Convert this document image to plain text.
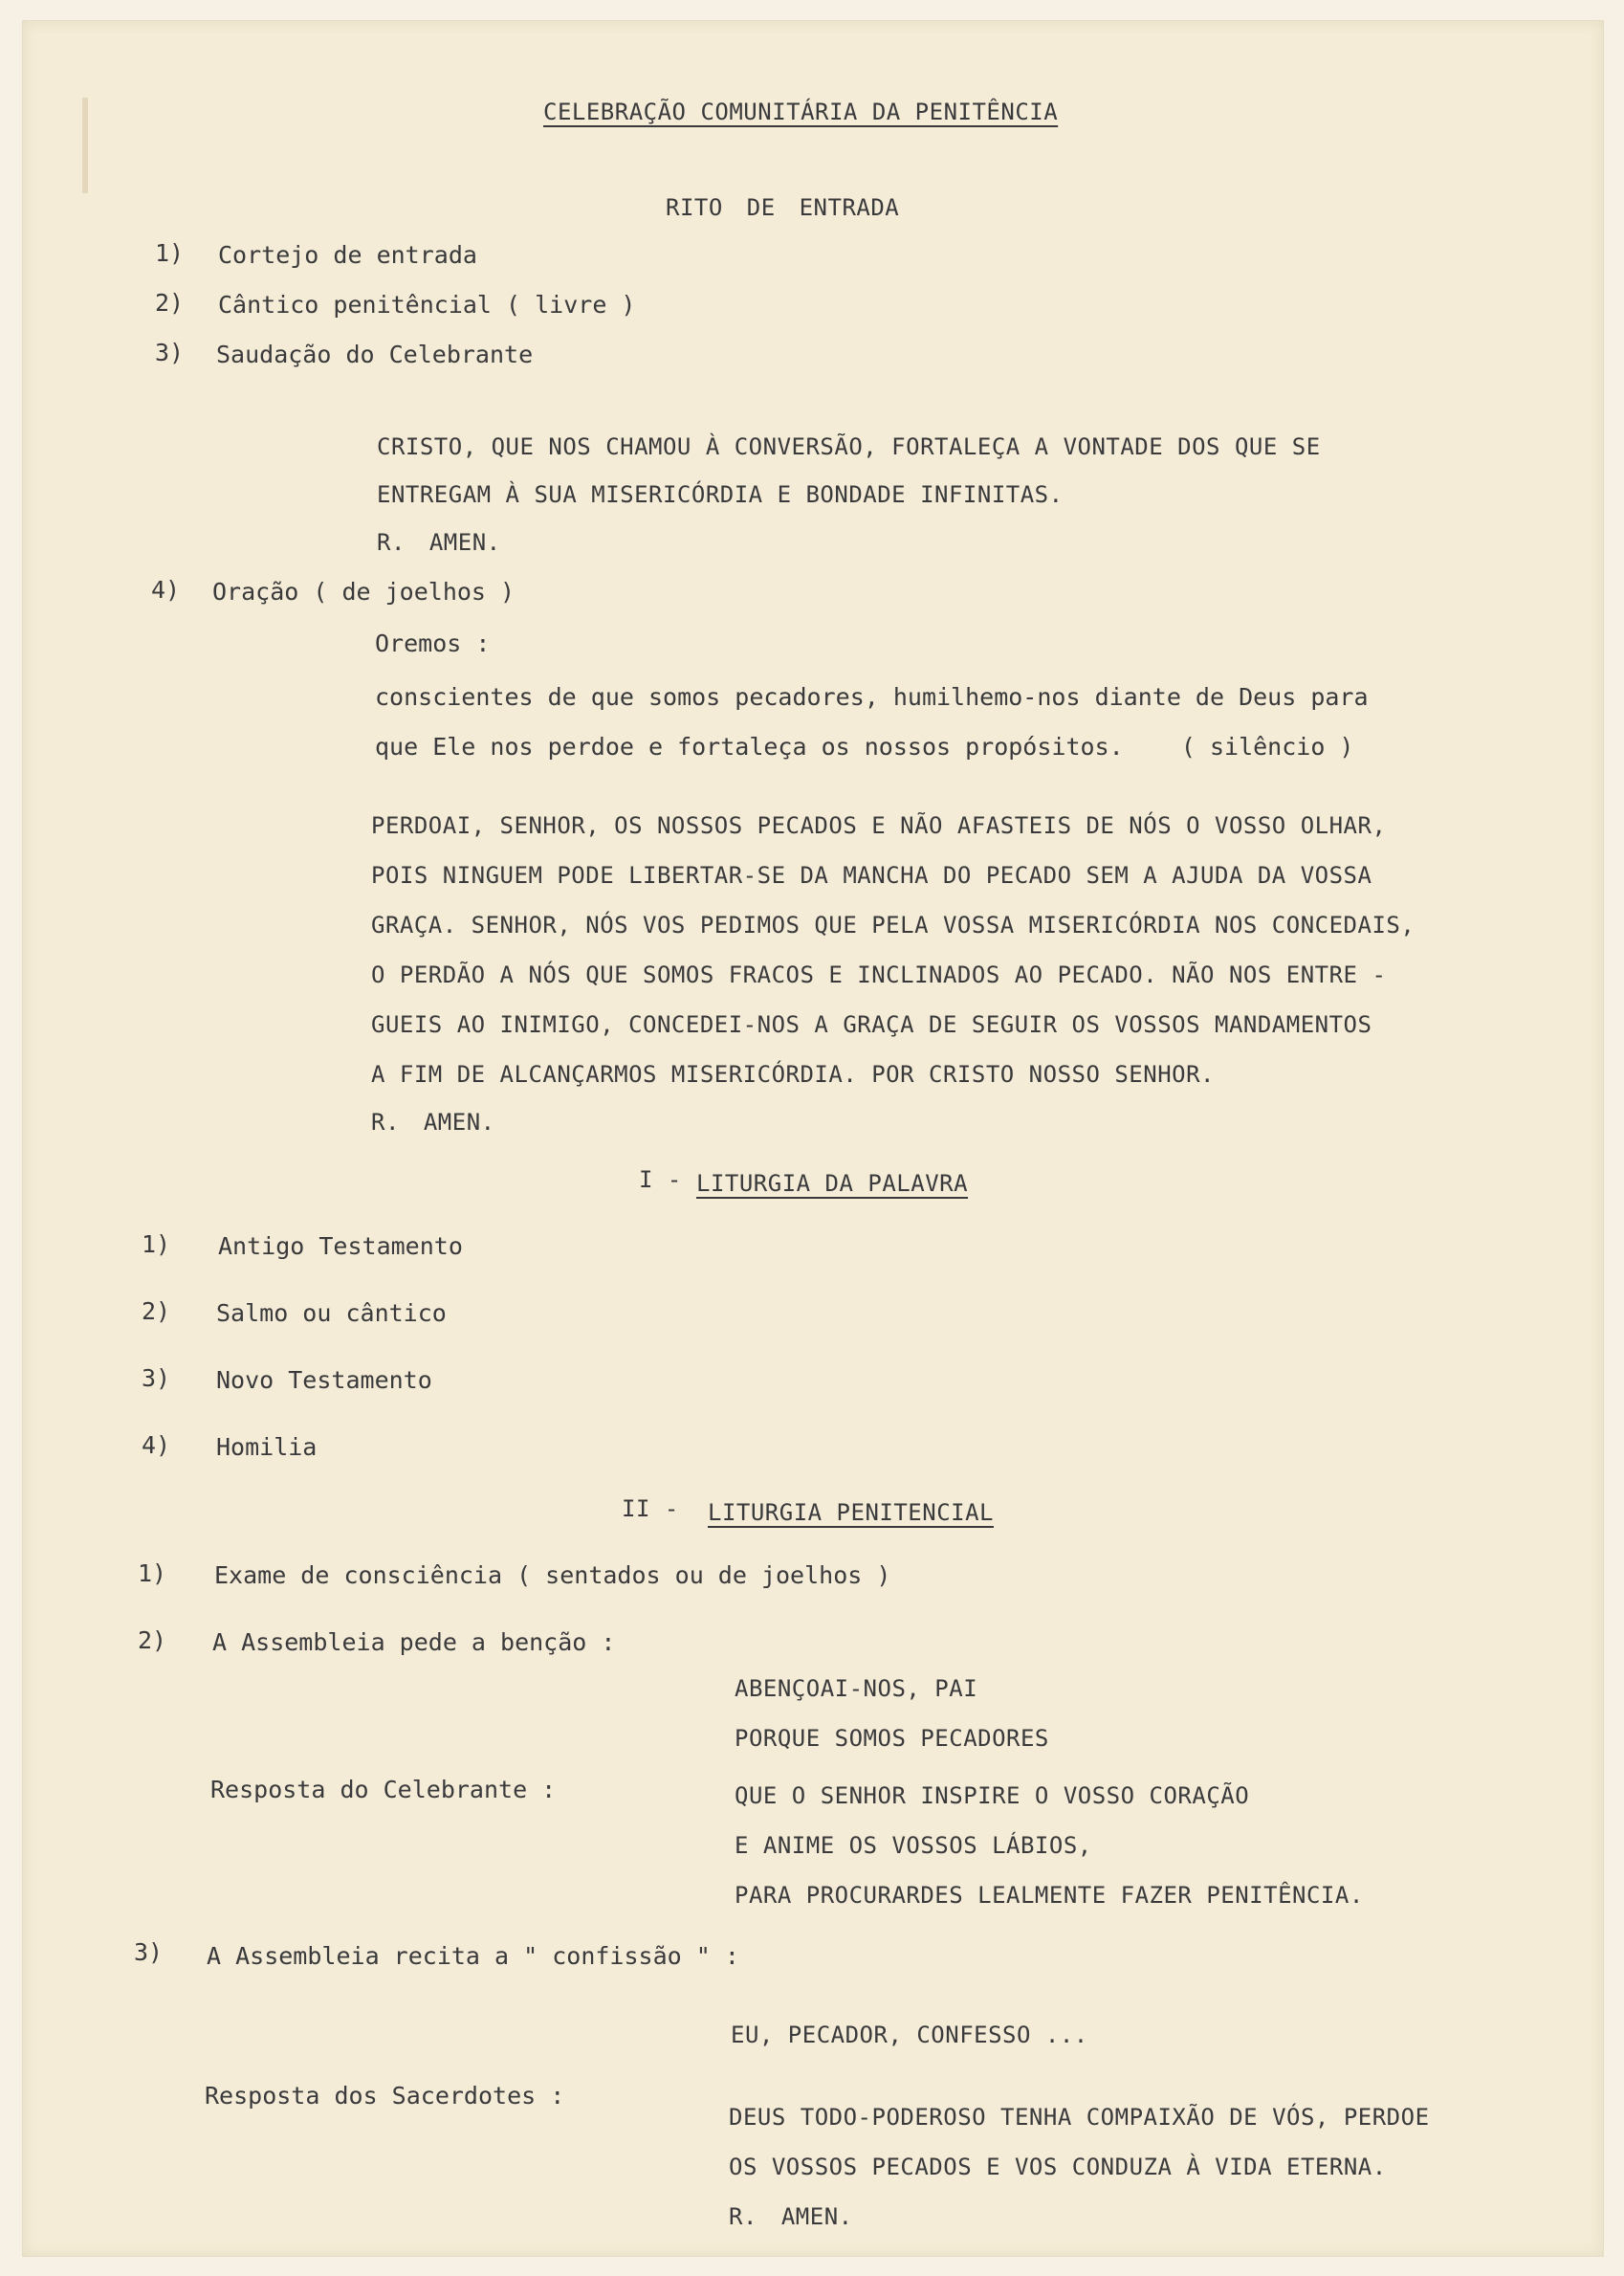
CELEBRAÇÃO COMUNITÁRIA DA PENITÊNCIA
RITO DE ENTRADA
1) Cortejo de entrada
2) Cântico penitêncial ( livre )
3) Saudação do Celebrante
CRISTO, QUE NOS CHAMOU À CONVERSÃO, FORTALEÇA A VONTADE DOS QUE SE
ENTREGAM À SUA MISERICÓRDIA E BONDADE INFINITAS.
R. AMEN.
4) Oração ( de joelhos )
Oremos :
conscientes de que somos pecadores, humilhemo-nos diante de Deus para
que Ele nos perdoe e fortaleça os nossos propósitos.    ( silêncio )
PERDOAI, SENHOR, OS NOSSOS PECADOS E NÃO AFASTEIS DE NÓS O VOSSO OLHAR,
POIS NINGUEM PODE LIBERTAR-SE DA MANCHA DO PECADO SEM A AJUDA DA VOSSA
GRAÇA. SENHOR, NÓS VOS PEDIMOS QUE PELA VOSSA MISERICÓRDIA NOS CONCEDAIS,
O PERDÃO A NÓS QUE SOMOS FRACOS E INCLINADOS AO PECADO. NÃO NOS ENTRE -
GUEIS AO INIMIGO, CONCEDEI-NOS A GRAÇA DE SEGUIR OS VOSSOS MANDAMENTOS
A FIM DE ALCANÇARMOS MISERICÓRDIA. POR CRISTO NOSSO SENHOR.
R. AMEN.
I - LITURGIA DA PALAVRA
1) Antigo Testamento
2) Salmo ou cântico
3) Novo Testamento
4) Homilia
II - LITURGIA PENITENCIAL
1) Exame de consciência ( sentados ou de joelhos )
2) A Assembleia pede a benção :
ABENÇOAI-NOS, PAI
PORQUE SOMOS PECADORES
Resposta do Celebrante :	QUE O SENHOR INSPIRE O VOSSO CORAÇÃO
E ANIME OS VOSSOS LÁBIOS,
PARA PROCURARDES LEALMENTE FAZER PENITÊNCIA.
3) A Assembleia recita a " confissão " :
EU, PECADOR, CONFESSO ...
Resposta dos Sacerdotes :
DEUS TODO-PODEROSO TENHA COMPAIXÃO DE VÓS, PERDOE
OS VOSSOS PECADOS E VOS CONDUZA À VIDA ETERNA.
R. AMEN.
